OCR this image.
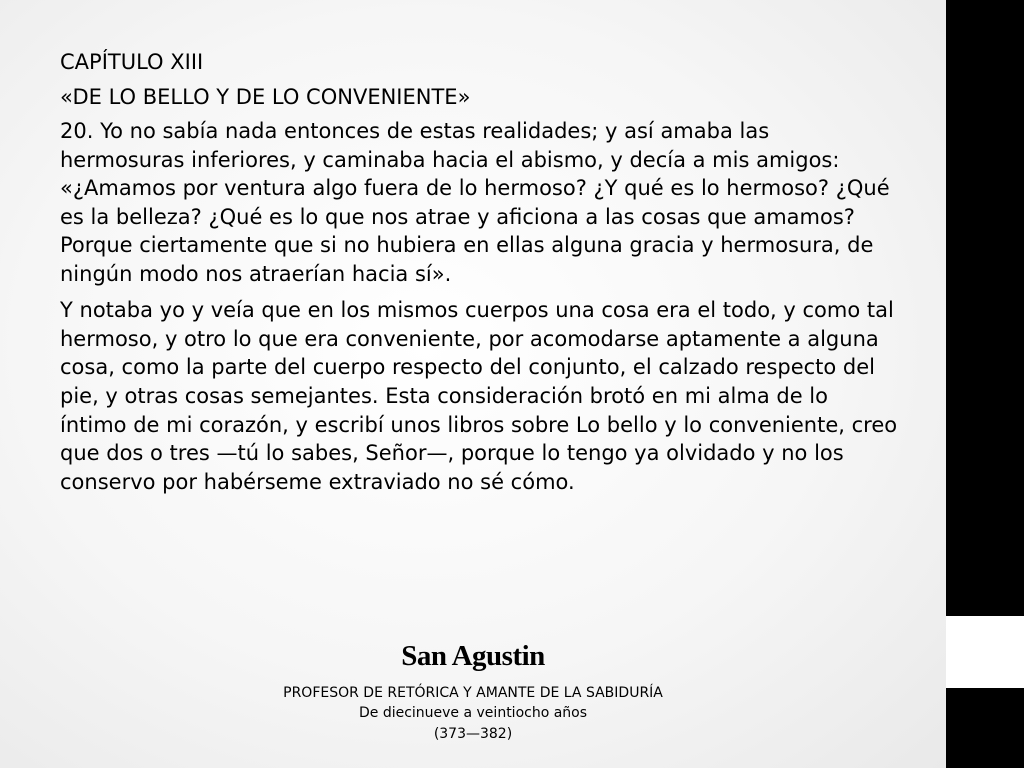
CAPÍTULO XIII

«DE LO BELLO Y DE LO CONVENIENTE»

20. Yo no sabía nada entonces de estas realidades; y así amaba las hermosuras inferiores, y caminaba hacia el abismo, y decía a mis amigos: «¿Amamos por ventura algo fuera de lo hermoso? ¿Y qué es lo hermoso? ¿Qué es la belleza? ¿Qué es lo que nos atrae y aficiona a las cosas que amamos? Porque ciertamente que si no hubiera en ellas alguna gracia y hermosura, de ningún modo nos atraerían hacia sí».

Y notaba yo y veía que en los mismos cuerpos una cosa era el todo, y como tal hermoso, y otro lo que era conveniente, por acomodarse aptamente a alguna cosa, como la parte del cuerpo respecto del conjunto, el calzado respecto del pie, y otras cosas semejantes. Esta consideración brotó en mi alma de lo íntimo de mi corazón, y escribí unos libros sobre Lo bello y lo conveniente, creo que dos o tres —tú lo sabes, Señor—, porque lo tengo ya olvidado y no los conservo por habérseme extraviado no sé cómo.

San Agustin
PROFESOR DE RETÓRICA Y AMANTE DE LA SABIDURÍA
De diecinueve a veintiocho años
(373—382)
